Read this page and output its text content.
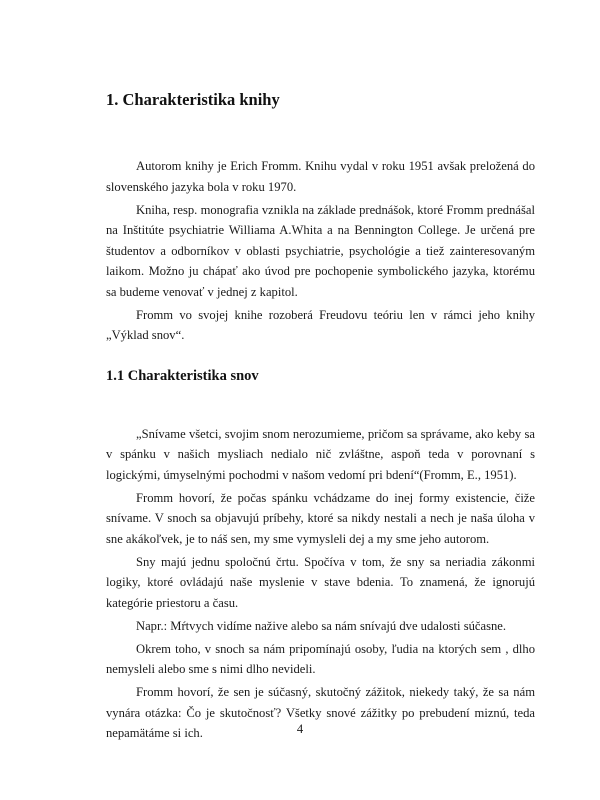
1. Charakteristika knihy

Autorom knihy je Erich Fromm. Knihu vydal v roku 1951 avšak preložená do slovenského jazyka bola v roku 1970.

Kniha, resp. monografia vznikla na základe prednášok, ktoré Fromm prednášal na Inštitúte psychiatrie Williama A.Whita a na Bennington College. Je určená pre študentov a odborníkov v oblasti psychiatrie, psychológie a tiež zainteresovaným laikom. Možno ju chápať ako úvod pre pochopenie symbolického jazyka, ktorému sa budeme venovať v jednej z kapitol.

Fromm vo svojej knihe rozoberá Freudovu teóriu len v rámci jeho knihy „Výklad snov“.

1.1 Charakteristika snov

„Snívame všetci, svojim snom nerozumieme, pričom sa správame, ako keby sa v spánku v našich mysliach nedialo nič zvláštne, aspoň teda v porovnaní s logickými, úmyselnými pochodmi v našom vedomí pri bdení“(Fromm, E., 1951).

Fromm hovorí, že počas spánku vchádzame do inej formy existencie, čiže snívame. V snoch sa objavujú príbehy, ktoré sa nikdy nestali a nech je naša úloha v sne akákoľvek, je to náš sen, my sme vymysleli dej a my sme jeho autorom.

Sny majú jednu spoločnú črtu. Spočíva v tom, že sny sa neriadia zákonmi logiky, ktoré ovládajú naše myslenie v stave bdenia. To znamená, že ignorujú kategórie priestoru a času.

Napr.: Mŕtvych vidíme naživе alebo sa nám snívajú dve udalosti súčasne.

Okrem toho, v snoch sa nám pripomínajú osoby, ľudia na ktorých sem , dlho nemysleli alebo sme s nimi dlho nevideli.

Fromm hovorí, že sen je súčasný, skutočný zážitok, niekedy taký, že sa nám vynára otázka: Čo je skutočnosť? Všetky snové zážitky po prebudení miznú, teda nepamätáme si ich.	4
